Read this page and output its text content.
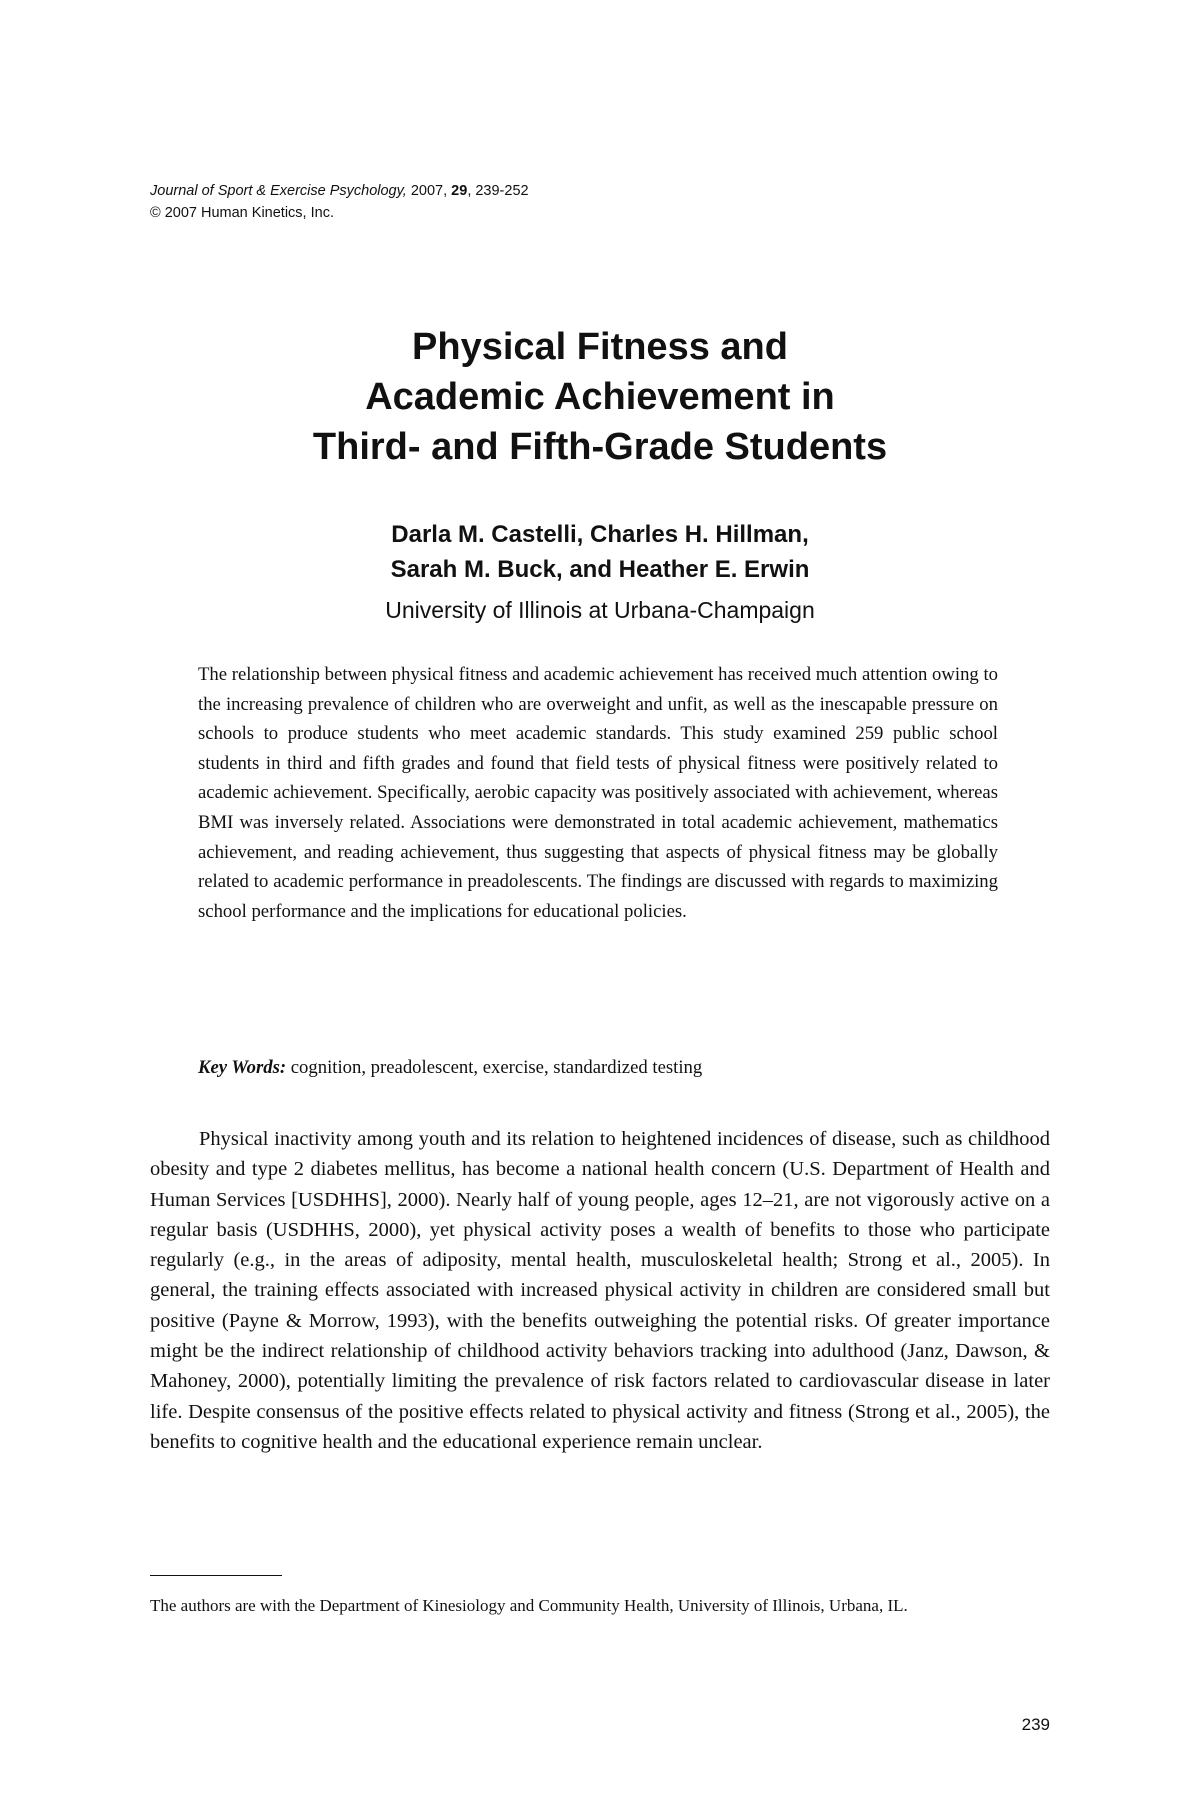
Journal of Sport & Exercise Psychology, 2007, 29, 239-252
© 2007 Human Kinetics, Inc.
Physical Fitness and
Academic Achievement in
Third- and Fifth-Grade Students
Darla M. Castelli, Charles H. Hillman,
Sarah M. Buck, and Heather E. Erwin
University of Illinois at Urbana-Champaign

The relationship between physical fitness and academic achievement has received much attention owing to the increasing prevalence of children who are overweight and unfit, as well as the inescapable pressure on schools to produce students who meet academic standards. This study examined 259 public school students in third and fifth grades and found that field tests of physical fitness were positively related to academic achievement. Specifically, aerobic capacity was positively associated with achievement, whereas BMI was inversely related. Associations were demonstrated in total academic achievement, mathematics achievement, and reading achievement, thus suggesting that aspects of physical fitness may be globally related to academic performance in preadolescents. The findings are discussed with regards to maximizing school performance and the implications for educational policies.

Key Words: cognition, preadolescent, exercise, standardized testing

Physical inactivity among youth and its relation to heightened incidences of disease, such as childhood obesity and type 2 diabetes mellitus, has become a national health concern (U.S. Department of Health and Human Services [USDHHS], 2000). Nearly half of young people, ages 12–21, are not vigorously active on a regular basis (USDHHS, 2000), yet physical activity poses a wealth of benefits to those who participate regularly (e.g., in the areas of adiposity, mental health, musculoskeletal health; Strong et al., 2005). In general, the training effects associated with increased physical activity in children are considered small but positive (Payne & Morrow, 1993), with the benefits outweighing the potential risks. Of greater importance might be the indirect relationship of childhood activity behaviors tracking into adulthood (Janz, Dawson, & Mahoney, 2000), potentially limiting the prevalence of risk factors related to cardiovascular disease in later life. Despite consensus of the positive effects related to physical activity and fitness (Strong et al., 2005), the benefits to cognitive health and the educational experience remain unclear.

The authors are with the Department of Kinesiology and Community Health, University of Illinois, Urbana, IL.

239
